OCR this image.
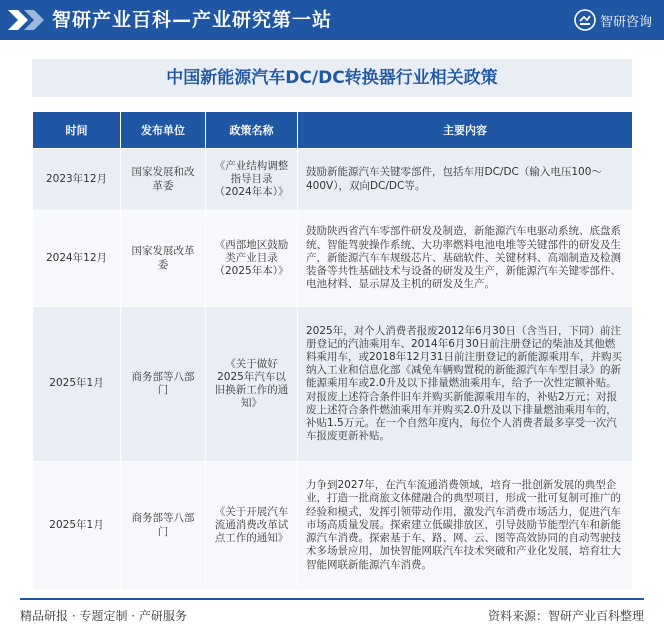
智研产业百科—产业研究第一站	智研咨询
中国新能源汽车DC/DC转换器行业相关政策
时间	发布单位	政策名称	主要内容
2023年12月	国家发展和改革委	《产业结构调整指导目录（2024年本）》	鼓励新能源汽车关键零部件，包括车用DC/DC（输入电压100～400V），双向DC/DC等。
2024年12月	国家发展改革委	《西部地区鼓励类产业目录（2025年本）》	鼓励陕西省汽车零部件研发及制造，新能源汽车电驱动系统、底盘系统、智能驾驶操作系统、大功率燃料电池电堆等关键部件的研发及生产，新能源汽车车规级芯片、基础软件、关键材料、高端制造及检测装备等共性基础技术与设备的研发及生产，新能源汽车关键零部件、电池材料、显示屏及主机的研发及生产。
2025年1月	商务部等八部门	《关于做好2025年汽车以旧换新工作的通知》	2025年，对个人消费者报废2012年6月30日（含当日，下同）前注册登记的汽油乘用车、2014年6月30日前注册登记的柴油及其他燃料乘用车，或2018年12月31日前注册登记的新能源乘用车，并购买纳入工业和信息化部《减免车辆购置税的新能源汽车车型目录》的新能源乘用车或2.0升及以下排量燃油乘用车，给予一次性定额补贴。对报废上述符合条件旧车并购买新能源乘用车的，补贴2万元；对报废上述符合条件燃油乘用车并购买2.0升及以下排量燃油乘用车的，补贴1.5万元。在一个自然年度内，每位个人消费者最多享受一次汽车报废更新补贴。
2025年1月	商务部等八部门	《关于开展汽车流通消费改革试点工作的通知》	力争到2027年，在汽车流通消费领域，培育一批创新发展的典型企业，打造一批商旅文体健融合的典型项目，形成一批可复制可推广的经验和模式，发挥引领带动作用，激发汽车消费市场活力，促进汽车市场高质量发展。探索建立低碳排放区，引导鼓励节能型汽车和新能源汽车消费。探索基于车、路、网、云、图等高效协同的自动驾驶技术多场景应用，加快智能网联汽车技术突破和产业化发展，培育壮大智能网联新能源汽车消费。
精品研报 · 专题定制 · 产研服务	资料来源：智研产业百科整理
